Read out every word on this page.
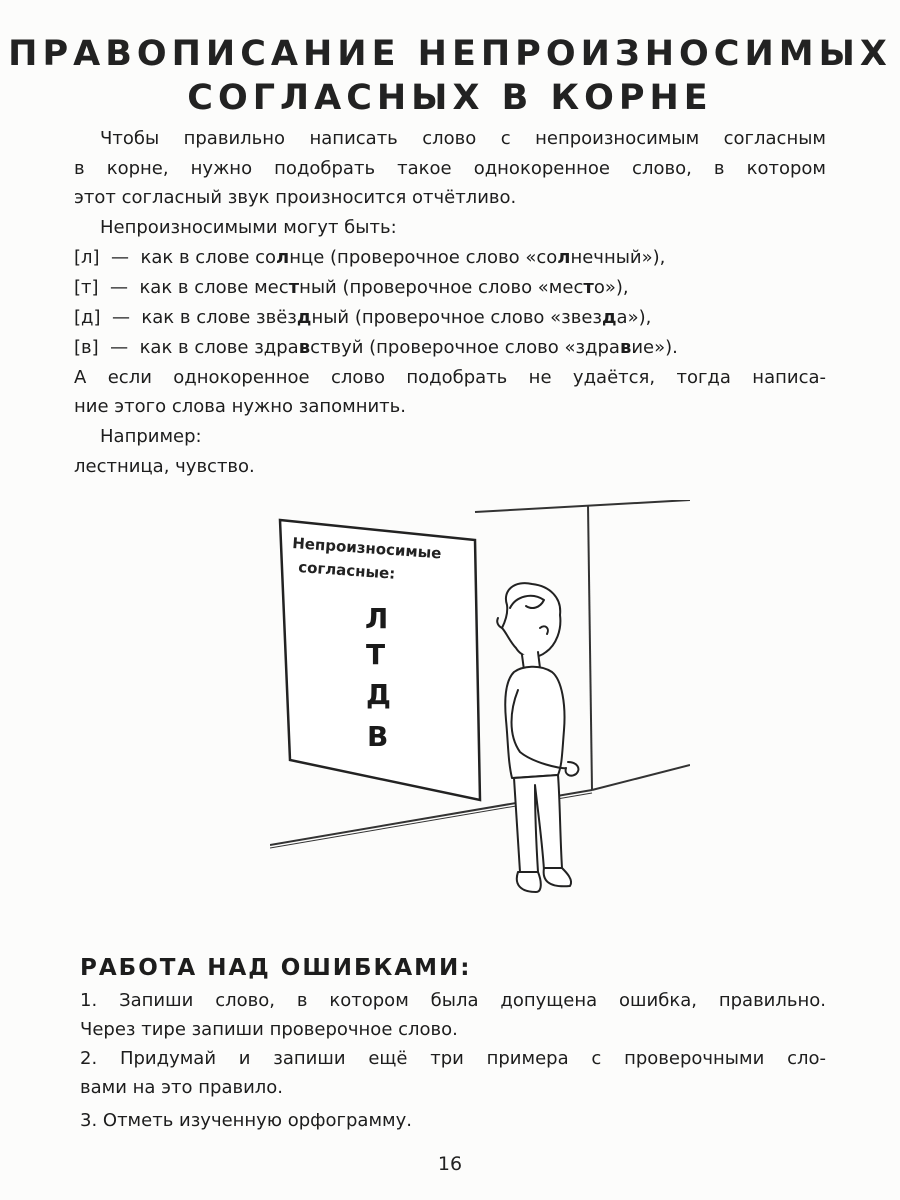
ПРАВОПИСАНИЕ НЕПРОИЗНОСИМЫХ
СОГЛАСНЫХ В КОРНЕ
Чтобы правильно написать слово с непроизносимым согласным
в корне, нужно подобрать такое однокоренное слово, в котором
этот согласный звук произносится отчётливо.
Непроизносимыми могут быть:
[л] — как в слове солнце (проверочное слово «солнечный»),
[т] — как в слове местный (проверочное слово «место»),
[д] — как в слове звёздный (проверочное слово «звезда»),
[в] — как в слове здравствуй (проверочное слово «здравие»).
А если однокоренное слово подобрать не удаётся, тогда написа-
ние этого слова нужно запомнить.
Например:
лестница, чувство.
Непроизносимые
согласные:
Л
Т
Д
В
РАБОТА НАД ОШИБКАМИ:
1. Запиши слово, в котором была допущена ошибка, правильно.
Через тире запиши проверочное слово.
2. Придумай и запиши ещё три примера с проверочными сло-
вами на это правило.
3. Отметь изученную орфограмму.
16
